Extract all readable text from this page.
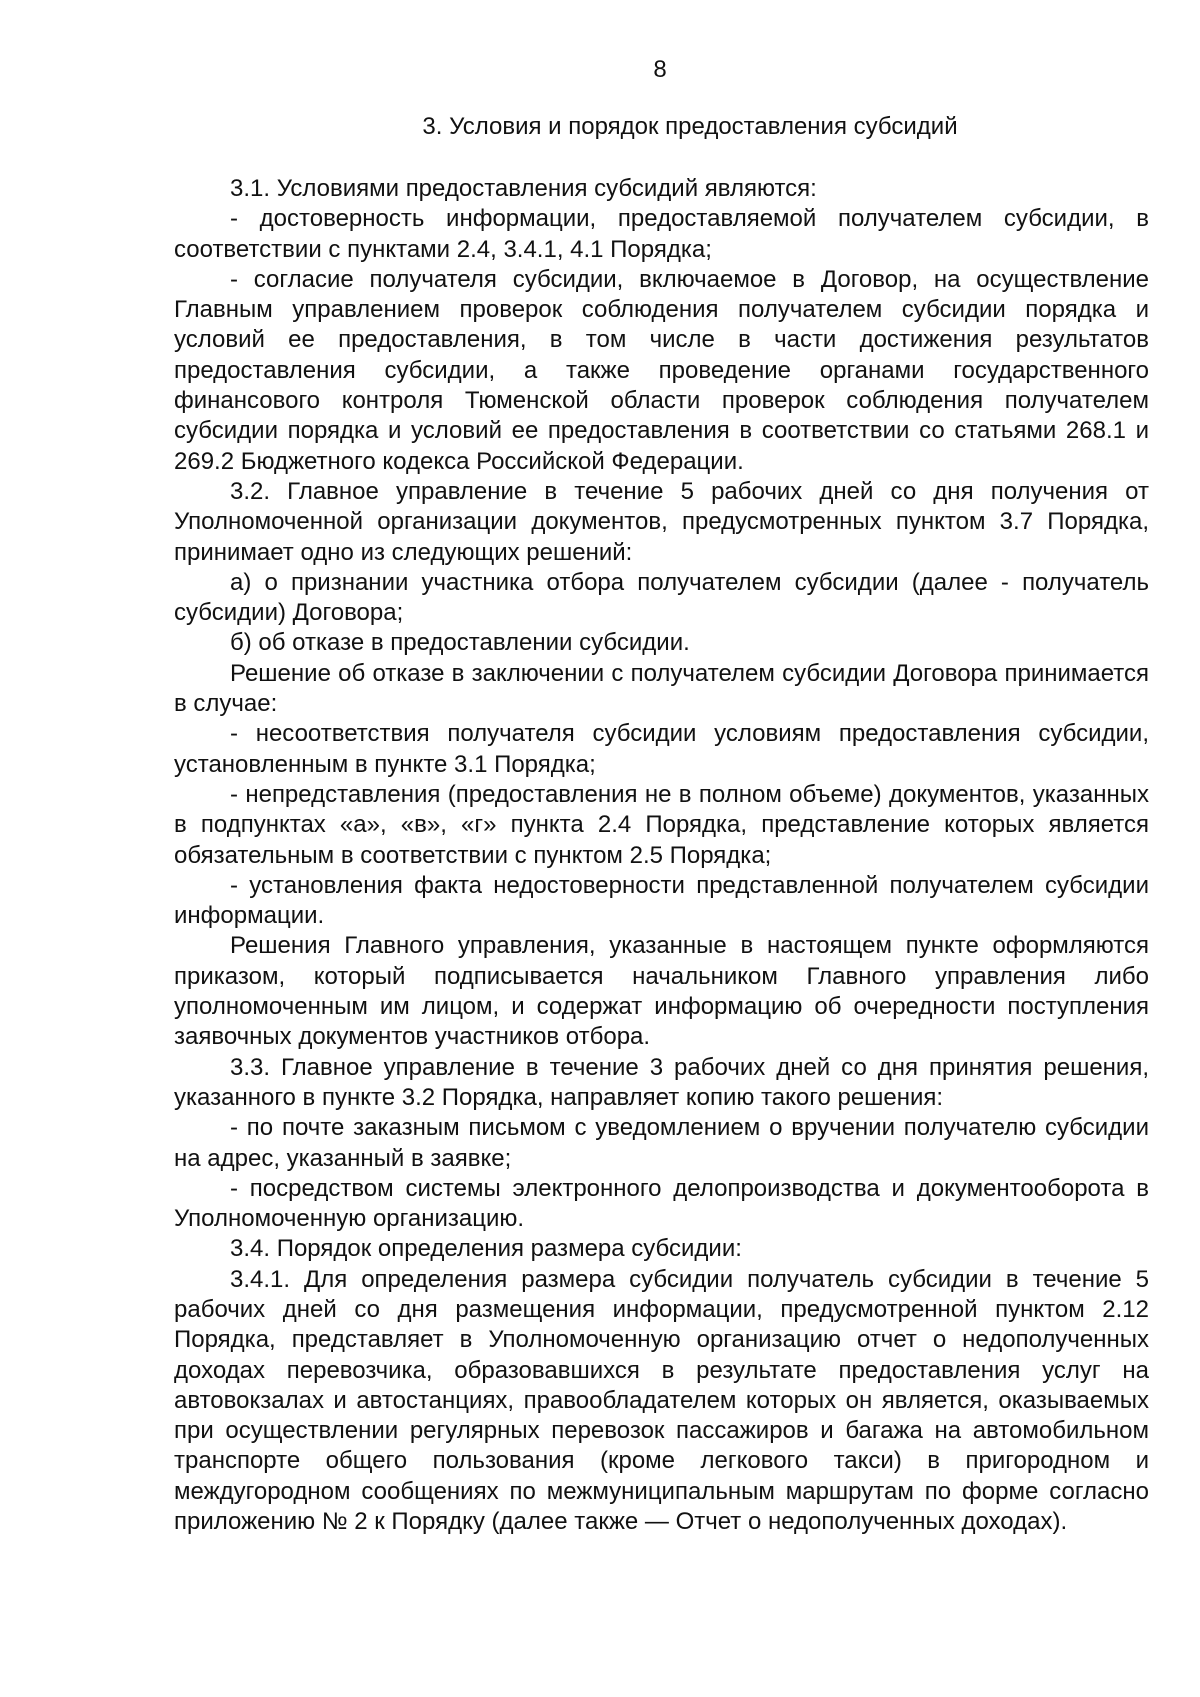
8
3. Условия и порядок предоставления субсидий

3.1. Условиями предоставления субсидий являются:

- достоверность информации, предоставляемой получателем субсидии, в соответствии с пунктами 2.4, 3.4.1, 4.1 Порядка;

- согласие получателя субсидии, включаемое в Договор, на осуществление Главным управлением проверок соблюдения получателем субсидии порядка и условий ее предоставления, в том числе в части достижения результатов предоставления субсидии, а также проведение органами государственного финансового контроля Тюменской области проверок соблюдения получателем субсидии порядка и условий ее предоставления в соответствии со статьями 268.1 и 269.2 Бюджетного кодекса Российской Федерации.

3.2. Главное управление в течение 5 рабочих дней со дня получения от Уполномоченной организации документов, предусмотренных пунктом 3.7 Порядка, принимает одно из следующих решений:

а) о признании участника отбора получателем субсидии (далее - получатель субсидии) Договора;

б) об отказе в предоставлении субсидии.

Решение об отказе в заключении с получателем субсидии Договора принимается в случае:

- несоответствия получателя субсидии условиям предоставления субсидии, установленным в пункте 3.1 Порядка;

- непредставления (предоставления не в полном объеме) документов, указанных в подпунктах «а», «в», «г» пункта 2.4 Порядка, представление которых является обязательным в соответствии с пунктом 2.5 Порядка;

- установления факта недостоверности представленной получателем субсидии информации.

Решения Главного управления, указанные в настоящем пункте оформляются приказом, который подписывается начальником Главного управления либо уполномоченным им лицом, и содержат информацию об очередности поступления заявочных документов участников отбора.

3.3. Главное управление в течение 3 рабочих дней со дня принятия решения, указанного в пункте 3.2 Порядка, направляет копию такого решения:

- по почте заказным письмом с уведомлением о вручении получателю субсидии на адрес, указанный в заявке;

- посредством системы электронного делопроизводства и документооборота в Уполномоченную организацию.

3.4. Порядок определения размера субсидии:

3.4.1. Для определения размера субсидии получатель субсидии в течение 5 рабочих дней со дня размещения информации, предусмотренной пунктом 2.12 Порядка, представляет в Уполномоченную организацию отчет о недополученных доходах перевозчика, образовавшихся в результате предоставления услуг на автовокзалах и автостанциях, правообладателем которых он является, оказываемых при осуществлении регулярных перевозок пассажиров и багажа на автомобильном транспорте общего пользования (кроме легкового такси) в пригородном и междугородном сообщениях по межмуниципальным маршрутам по форме согласно приложению № 2 к Порядку (далее также — Отчет о недополученных доходах).
